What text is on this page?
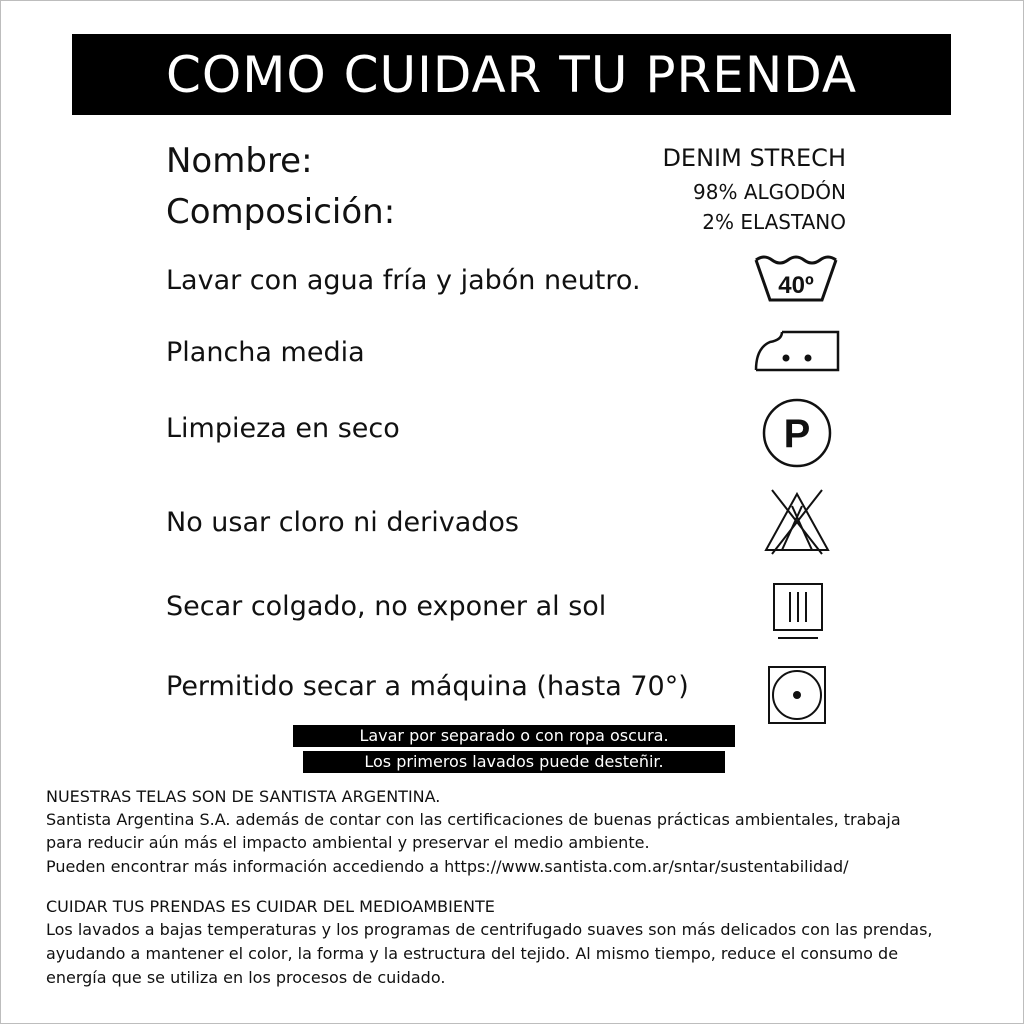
COMO CUIDAR TU PRENDA
Nombre:
Composición:
DENIM STRECH
98% ALGODÓN
2% ELASTANO
Lavar con agua fría y jabón neutro.	40º
Plancha media
Limpieza en seco	P
No usar cloro ni derivados
Secar colgado, no exponer al sol
Permitido secar a máquina (hasta 70°)
Lavar por separado o con ropa oscura.
Los primeros lavados puede desteñir.
NUESTRAS TELAS SON DE SANTISTA ARGENTINA.
Santista Argentina S.A. además de contar con las certificaciones de buenas prácticas ambientales, trabaja
para reducir aún más el impacto ambiental y preservar el medio ambiente.
Pueden encontrar más información accediendo a https://www.santista.com.ar/sntar/sustentabilidad/
CUIDAR TUS PRENDAS ES CUIDAR DEL MEDIOAMBIENTE
Los lavados a bajas temperaturas y los programas de centrifugado suaves son más delicados con las prendas,
ayudando a mantener el color, la forma y la estructura del tejido. Al mismo tiempo, reduce el consumo de
energía que se utiliza en los procesos de cuidado.
